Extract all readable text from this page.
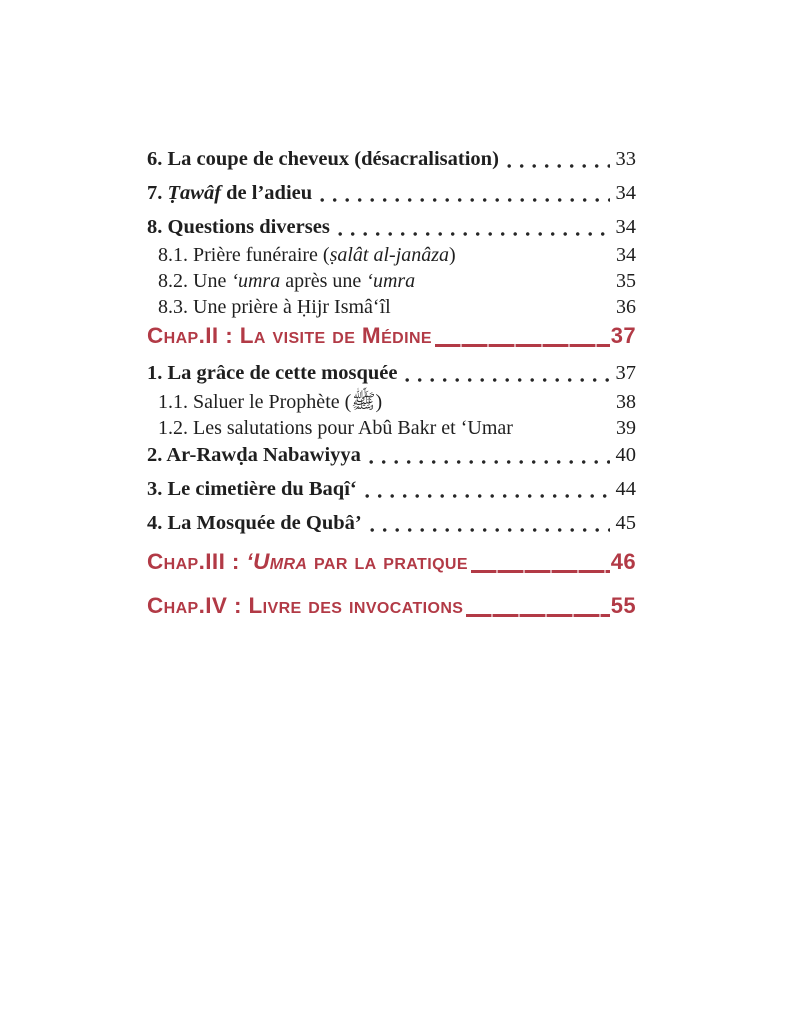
6. La coupe de cheveux (désacralisation)	33
7. Ṭawâf de l’adieu	34
8. Questions diverses	34
8.1. Prière funéraire (ṣalât al-janâza)	34
8.2. Une ‘umra après une ‘umra	35
8.3. Une prière à Ḥijr Ismâ‘îl	36
Chap.II : La visite de Médine	37
1. La grâce de cette mosquée	37
1.1. Saluer le Prophète (ﷺ)	38
1.2. Les salutations pour Abû Bakr et ‘Umar	39
2. Ar-Rawḍa Nabawiyya	40
3. Le cimetière du Baqî‘	44
4. La Mosquée de Qubâ’	45
Chap.III : ‘Umra par la pratique	46
Chap.IV : Livre des invocations	55
